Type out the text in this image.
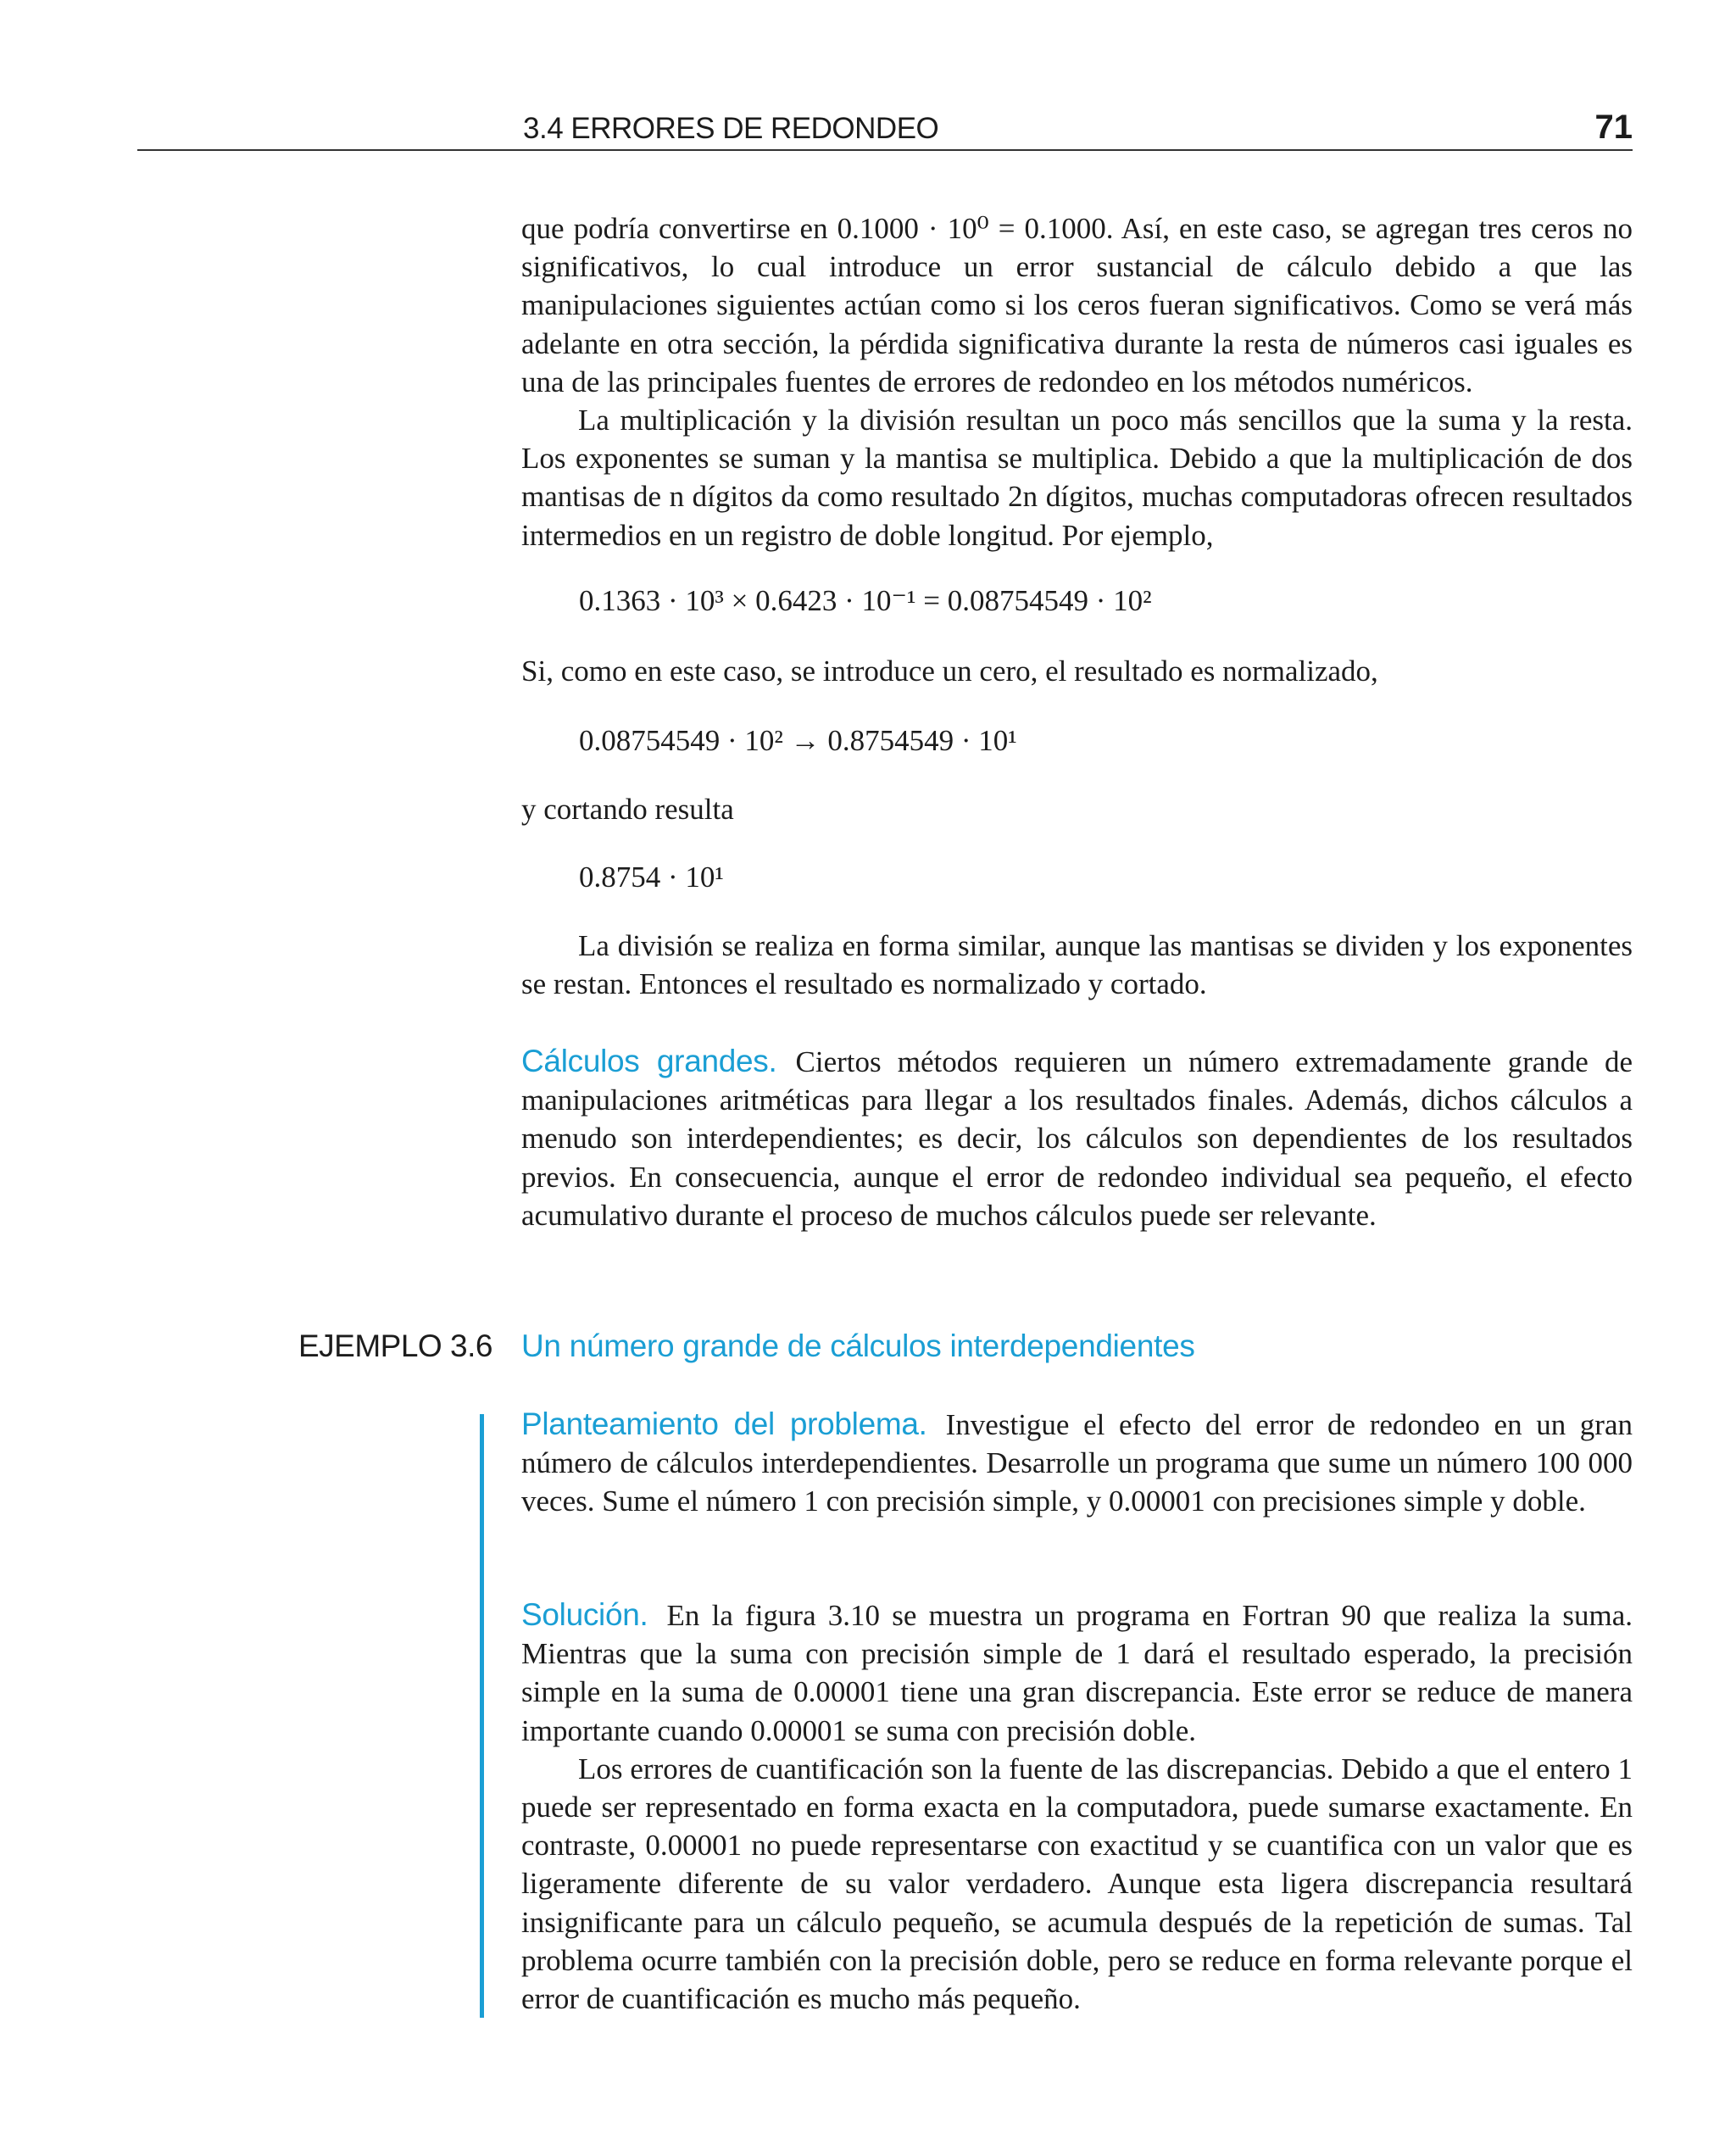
3.4 ERRORES DE REDONDEO	71

que podría convertirse en 0.1000 · 10⁰ = 0.1000. Así, en este caso, se agregan tres ceros no significativos, lo cual introduce un error sustancial de cálculo debido a que las manipulaciones siguientes actúan como si los ceros fueran significativos. Como se verá más adelante en otra sección, la pérdida significativa durante la resta de números casi iguales es una de las principales fuentes de errores de redondeo en los métodos numéricos.

La multiplicación y la división resultan un poco más sencillos que la suma y la resta. Los exponentes se suman y la mantisa se multiplica. Debido a que la multiplicación de dos mantisas de n dígitos da como resultado 2n dígitos, muchas computadoras ofrecen resultados intermedios en un registro de doble longitud. Por ejemplo,

0.1363 · 10³ × 0.6423 · 10⁻¹ = 0.08754549 · 10²

Si, como en este caso, se introduce un cero, el resultado es normalizado,

0.08754549 · 10² → 0.8754549 · 10¹

y cortando resulta

0.8754 · 10¹

La división se realiza en forma similar, aunque las mantisas se dividen y los exponentes se restan. Entonces el resultado es normalizado y cortado.

Cálculos grandes. Ciertos métodos requieren un número extremadamente grande de manipulaciones aritméticas para llegar a los resultados finales. Además, dichos cálculos a menudo son interdependientes; es decir, los cálculos son dependientes de los resultados previos. En consecuencia, aunque el error de redondeo individual sea pequeño, el efecto acumulativo durante el proceso de muchos cálculos puede ser relevante.

EJEMPLO 3.6 Un número grande de cálculos interdependientes

Planteamiento del problema. Investigue el efecto del error de redondeo en un gran número de cálculos interdependientes. Desarrolle un programa que sume un número 100 000 veces. Sume el número 1 con precisión simple, y 0.00001 con precisiones simple y doble.

Solución. En la figura 3.10 se muestra un programa en Fortran 90 que realiza la suma. Mientras que la suma con precisión simple de 1 dará el resultado esperado, la precisión simple en la suma de 0.00001 tiene una gran discrepancia. Este error se reduce de manera importante cuando 0.00001 se suma con precisión doble.

Los errores de cuantificación son la fuente de las discrepancias. Debido a que el entero 1 puede ser representado en forma exacta en la computadora, puede sumarse exactamente. En contraste, 0.00001 no puede representarse con exactitud y se cuantifica con un valor que es ligeramente diferente de su valor verdadero. Aunque esta ligera discrepancia resultará insignificante para un cálculo pequeño, se acumula después de la repetición de sumas. Tal problema ocurre también con la precisión doble, pero se reduce en forma relevante porque el error de cuantificación es mucho más pequeño.
